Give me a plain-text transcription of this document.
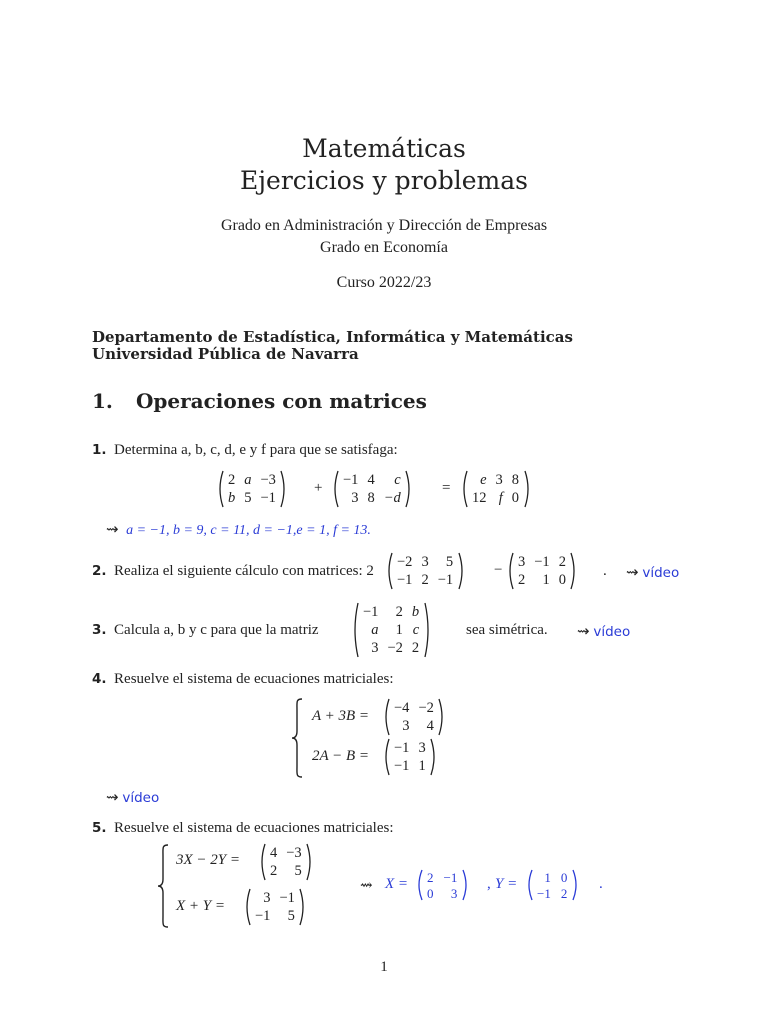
Matemáticas
Ejercicios y problemas
Grado en Administración y Dirección de Empresas
Grado en Economía
Curso 2022/23
Departamento de Estadística, Informática y Matemáticas
Universidad Pública de Navarra
1. Operaciones con matrices
1. Determina a, b, c, d, e y f para que se satisfaga:
2 a −3
b 5 −1
+
−1 4	c
3 8 −d
=
e 3 8
12 f 0
⇝ a = −1, b = 9, c = 11, d = −1,e = 1, f = 13.
2. Realiza el siguiente cálculo con matrices: 2
−2 3	5
−1 2 −1
−
3 −1 2
2	1 0
. ⇝ vídeo
3. Calcula a, b y c para que la matriz
−1	2 b
a	1 c
3 −2 2
sea simétrica. ⇝ vídeo
4. Resuelve el sistema de ecuaciones matriciales:
A + 3B =
−4 −2
3	4
2A − B =
−1 3
−1 1
⇝ vídeo
5. Resuelve el sistema de ecuaciones matriciales:
3X − 2Y = 4 −3
2	5
X + Y =
3 −1
−1	5
⇝ X = 2 −1
0	3
, Y =	1 0
−1 2
.
1
